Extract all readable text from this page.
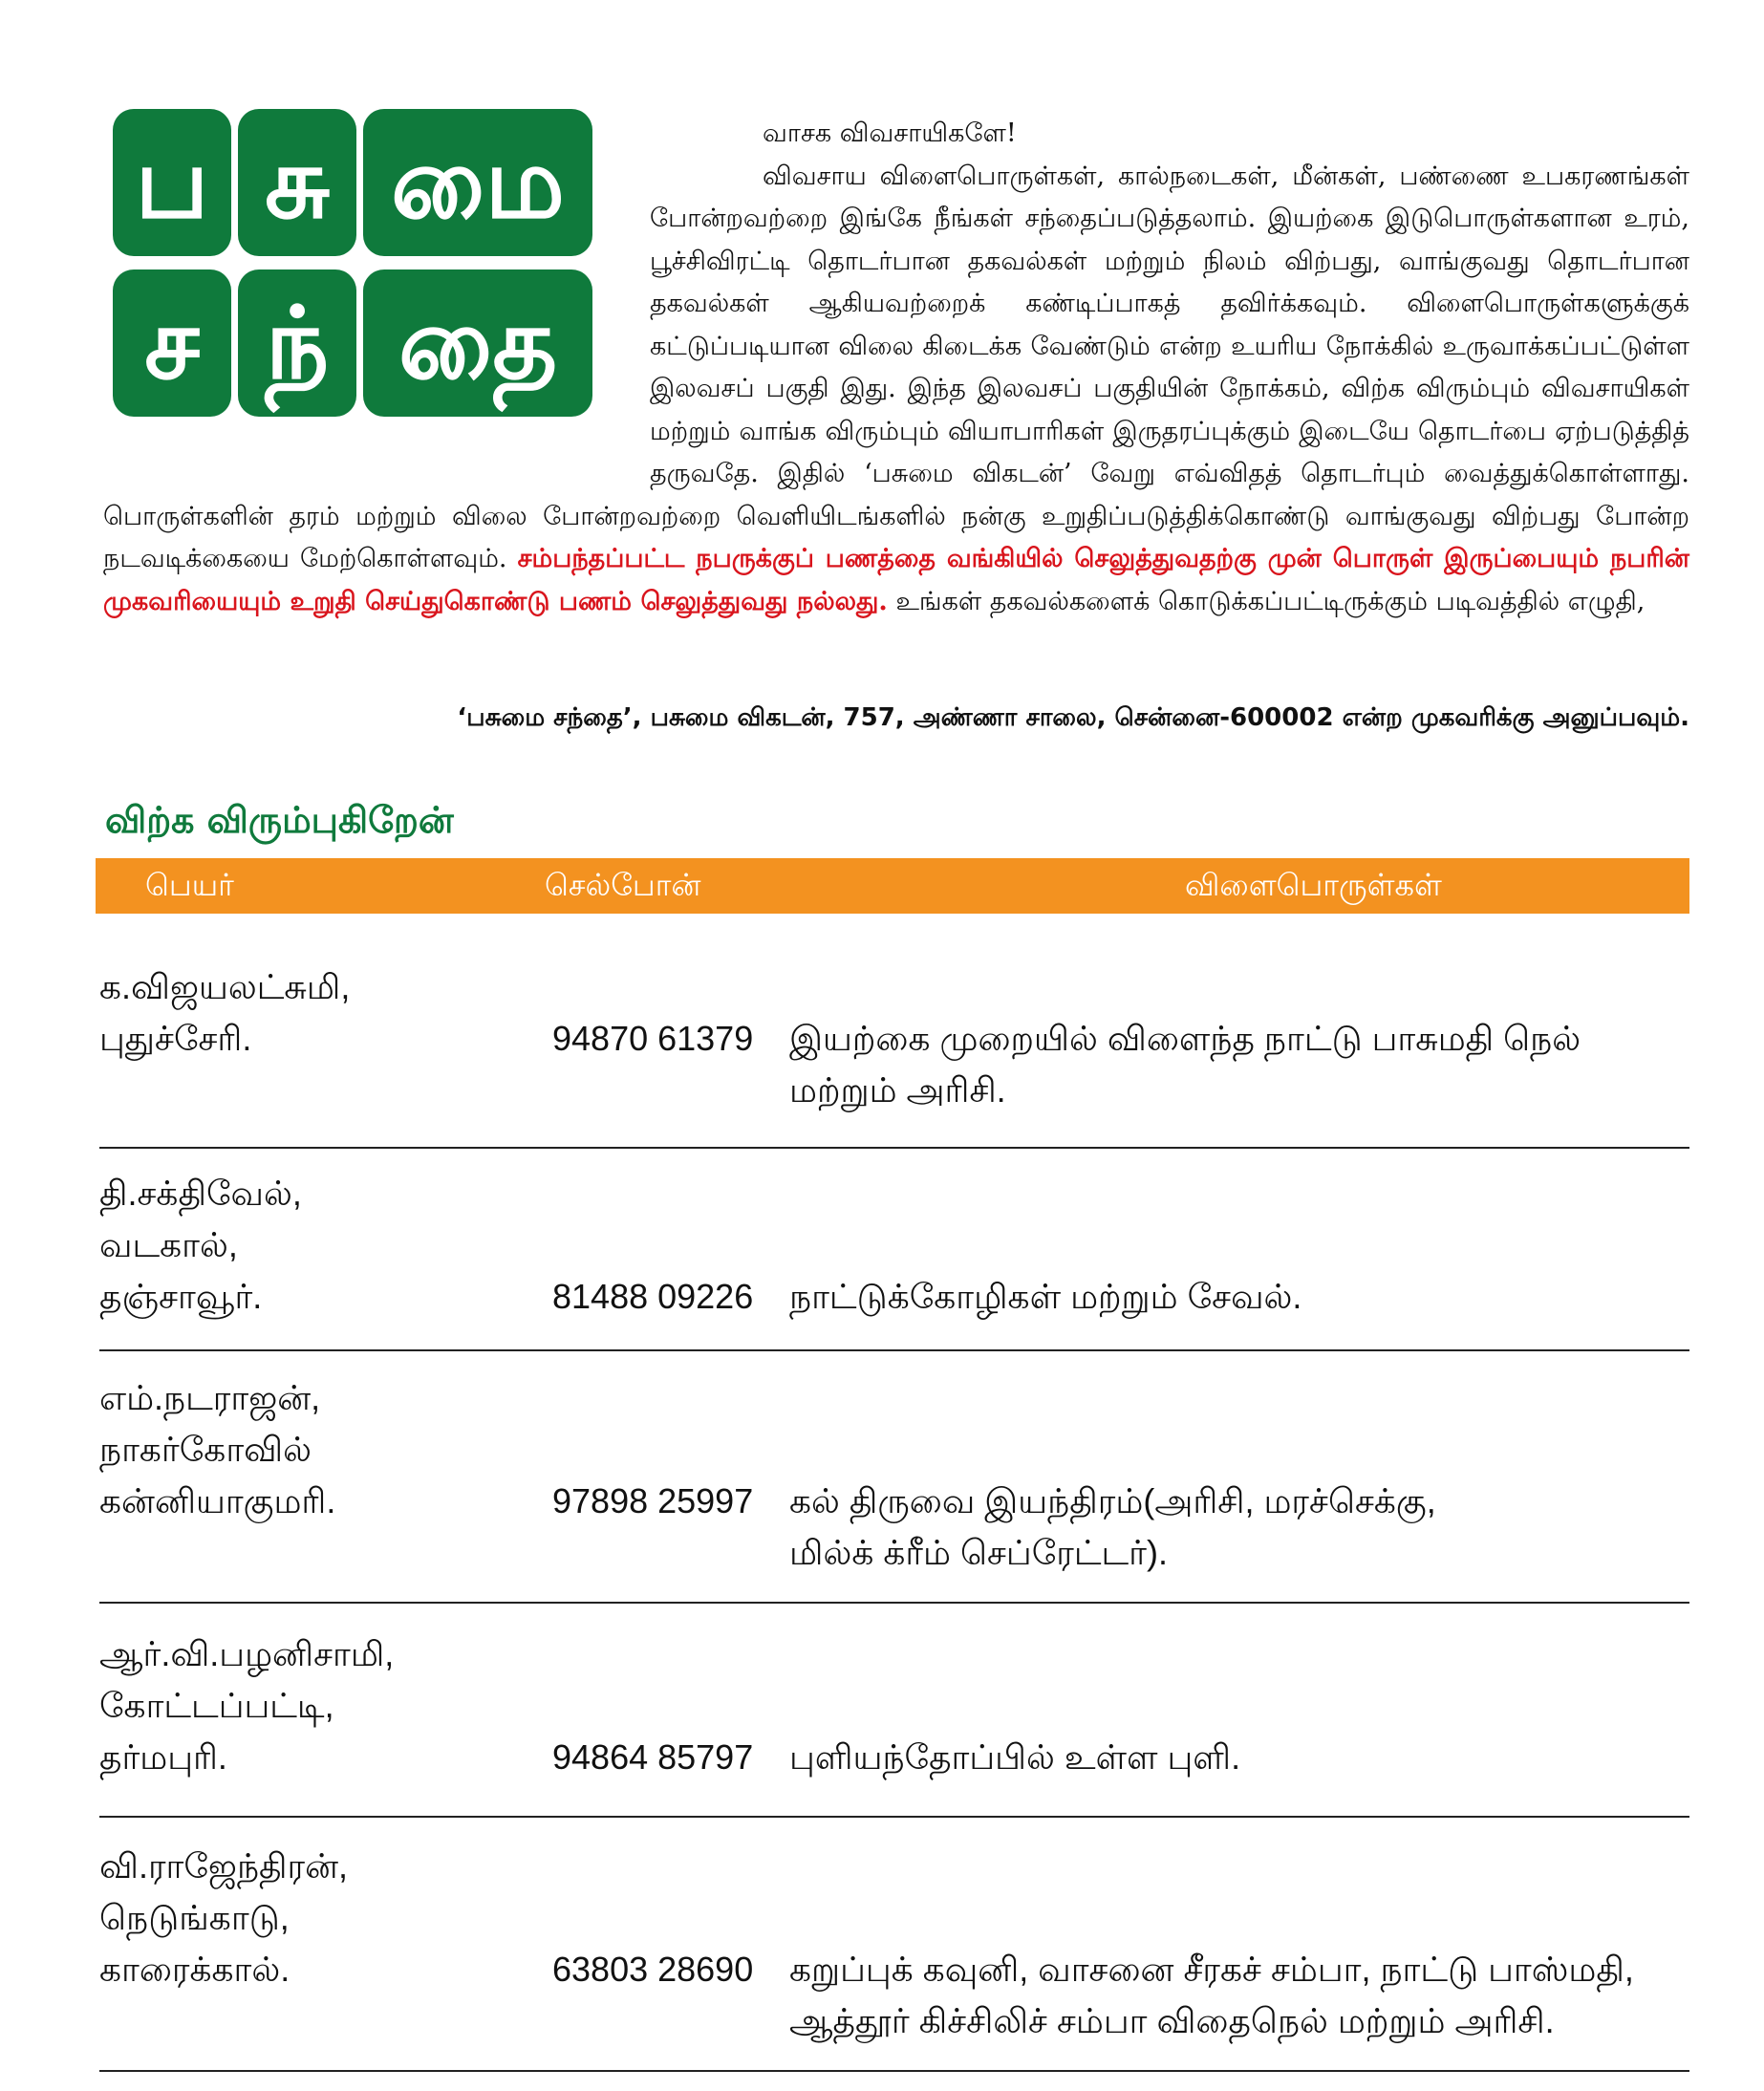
ப சு மை
ச ந் தை

வாசக விவசாயிகளே!

விவசாய விளைபொருள்கள், கால்நடைகள், மீன்கள், பண்ணை உபகரணங்கள் போன்றவற்றை இங்கே நீங்கள் சந்தைப்படுத்தலாம். இயற்கை இடுபொருள்களான உரம், பூச்சிவிரட்டி தொடர்பான தகவல்கள் மற்றும் நிலம் விற்பது, வாங்குவது தொடர்பான தகவல்கள் ஆகியவற்றைக் கண்டிப்பாகத் தவிர்க்கவும். விளைபொருள்களுக்குக் கட்டுப்படியான விலை கிடைக்க வேண்டும் என்ற உயரிய நோக்கில் உருவாக்கப்பட்டுள்ள இலவசப் பகுதி இது. இந்த இலவசப் பகுதியின் நோக்கம், விற்க விரும்பும் விவசாயிகள் மற்றும் வாங்க விரும்பும் வியாபாரிகள் இருதரப்புக்கும் இடையே தொடர்பை ஏற்படுத்தித் தருவதே. இதில் ‘பசுமை விகடன்’ வேறு எவ்விதத் தொடர்பும் வைத்துக்கொள்ளாது. பொருள்களின் தரம் மற்றும் விலை போன்றவற்றை வெளியிடங்களில் நன்கு உறுதிப்படுத்திக்கொண்டு வாங்குவது விற்பது போன்ற நடவடிக்கையை மேற்கொள்ளவும். சம்பந்தப்பட்ட நபருக்குப் பணத்தை வங்கியில் செலுத்துவதற்கு முன் பொருள் இருப்பையும் நபரின் முகவரியையும் உறுதி செய்துகொண்டு பணம் செலுத்துவது நல்லது. உங்கள் தகவல்களைக் கொடுக்கப்பட்டிருக்கும் படிவத்தில் எழுதி,

‘பசுமை சந்தை’, பசுமை விகடன், 757, அண்ணா சாலை, சென்னை-600002 என்ற முகவரிக்கு அனுப்பவும்.
விற்க விரும்புகிறேன்
பெயர்	செல்போன்	விளைபொருள்கள்
க.விஜயலட்சுமி,
புதுச்சேரி.	94870 61379	இயற்கை முறையில் விளைந்த நாட்டு பாசுமதி நெல்
மற்றும் அரிசி.
தி.சக்திவேல்,
வடகால்,
தஞ்சாவூர்.	81488 09226	நாட்டுக்கோழிகள் மற்றும் சேவல்.
எம்.நடராஜன்,
நாகர்கோவில்
கன்னியாகுமரி.	97898 25997	கல் திருவை இயந்திரம்(அரிசி, மரச்செக்கு,
மில்க் க்ரீம் செப்ரேட்டர்).
ஆர்.வி.பழனிசாமி,
கோட்டப்பட்டி,
தர்மபுரி.	94864 85797	புளியந்தோப்பில் உள்ள புளி.
வி.ராஜேந்திரன்,
நெடுங்காடு,
காரைக்கால்.	63803 28690	கறுப்புக் கவுனி, வாசனை சீரகச் சம்பா, நாட்டு பாஸ்மதி,
ஆத்தூர் கிச்சிலிச் சம்பா விதைநெல் மற்றும் அரிசி.
